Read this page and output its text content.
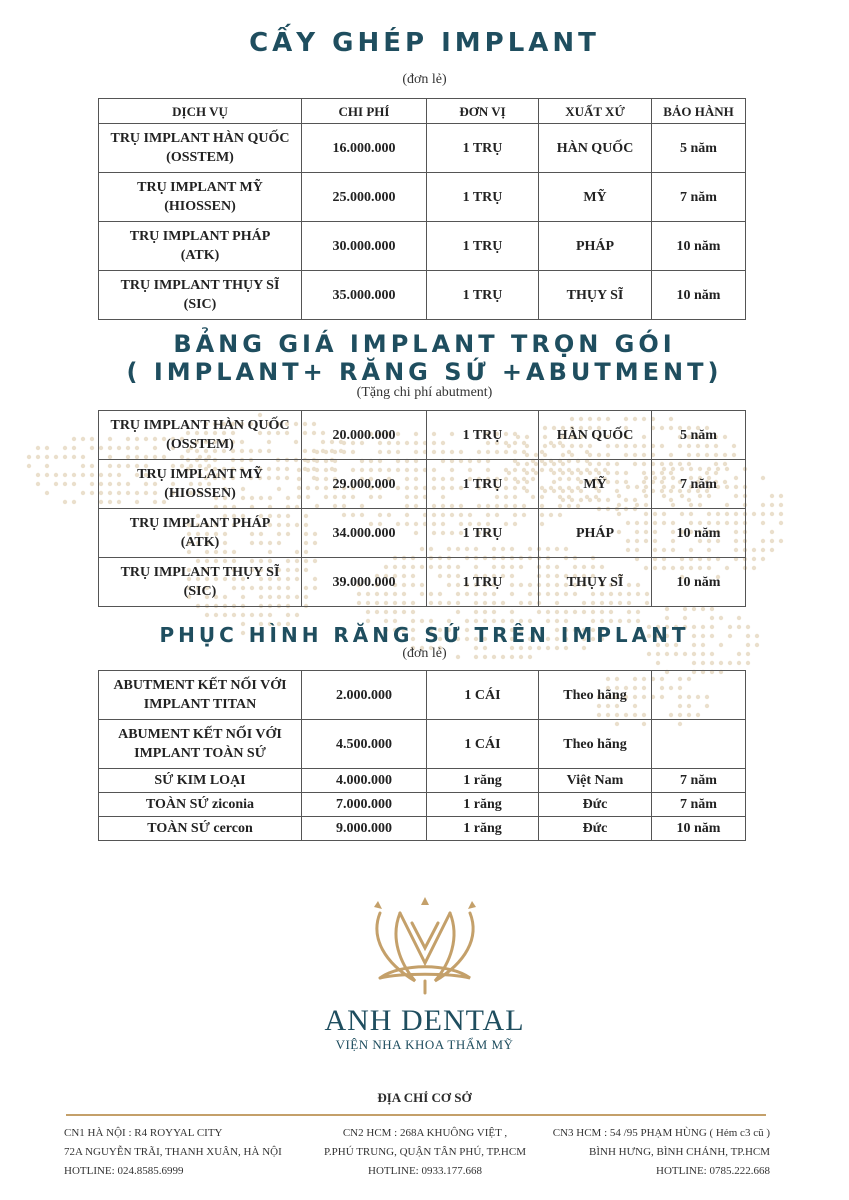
CẤY GHÉP IMPLANT
(đơn lẻ)
DỊCH VỤ	CHI PHÍ	ĐƠN VỊ	XUẤT XỨ	BẢO HÀNH
TRỤ IMPLANT HÀN QUỐC
(OSSTEM)	16.000.000	1 TRỤ	HÀN QUỐC	5 năm
TRỤ IMPLANT MỸ
(HIOSSEN)	25.000.000	1 TRỤ	MỸ	7 năm
TRỤ IMPLANT PHÁP
(ATK)	30.000.000	1 TRỤ	PHÁP	10 năm
TRỤ IMPLANT THỤY SĨ
(SIC)	35.000.000	1 TRỤ	THỤY SĨ	10 năm
BẢNG GIÁ IMPLANT TRỌN GÓI
( IMPLANT+ RĂNG SỨ +ABUTMENT)
(Tặng chi phí abutment)
TRỤ IMPLANT HÀN QUỐC
(OSSTEM)	20.000.000	1 TRỤ	HÀN QUỐC	5 năm
TRỤ IMPLANT MỸ
(HIOSSEN)	29.000.000	1 TRỤ	MỸ	7 năm
TRỤ IMPLANT PHÁP
(ATK)	34.000.000	1 TRỤ	PHÁP	10 năm
TRỤ IMPLANT THỤY SĨ
(SIC)	39.000.000	1 TRỤ	THỤY SĨ	10 năm
PHỤC HÌNH RĂNG SỨ TRÊN IMPLANT
(đơn lẻ)
ABUTMENT KẾT NỐI VỚI
IMPLANT TITAN	2.000.000	1 CÁI	Theo hãng	
ABUMENT KẾT NỐI VỚI
IMPLANT TOÀN SỨ	4.500.000	1 CÁI	Theo hãng	
SỨ KIM LOẠI	4.000.000	1 răng	Việt Nam	7 năm
TOÀN SỨ ziconia	7.000.000	1 răng	Đức	7 năm
TOÀN SỨ cercon	9.000.000	1 răng	Đức	10 năm
ANH DENTAL
VIỆN NHA KHOA THẨM MỸ
ĐỊA CHỈ CƠ SỞ
CN1 HÀ NỘI : R4 ROYYAL CITY
72A NGUYỄN TRÃI, THANH XUÂN, HÀ NỘI
HOTLINE: 024.8585.6999
CN2 HCM : 268A KHUÔNG VIỆT ,
P.PHÚ TRUNG, QUẬN TÂN PHÚ, TP.HCM
HOTLINE: 0933.177.668
CN3 HCM : 54 /95 PHẠM HÙNG ( Hẻm c3 cũ )
BÌNH HƯNG, BÌNH CHÁNH, TP.HCM
HOTLINE: 0785.222.668
